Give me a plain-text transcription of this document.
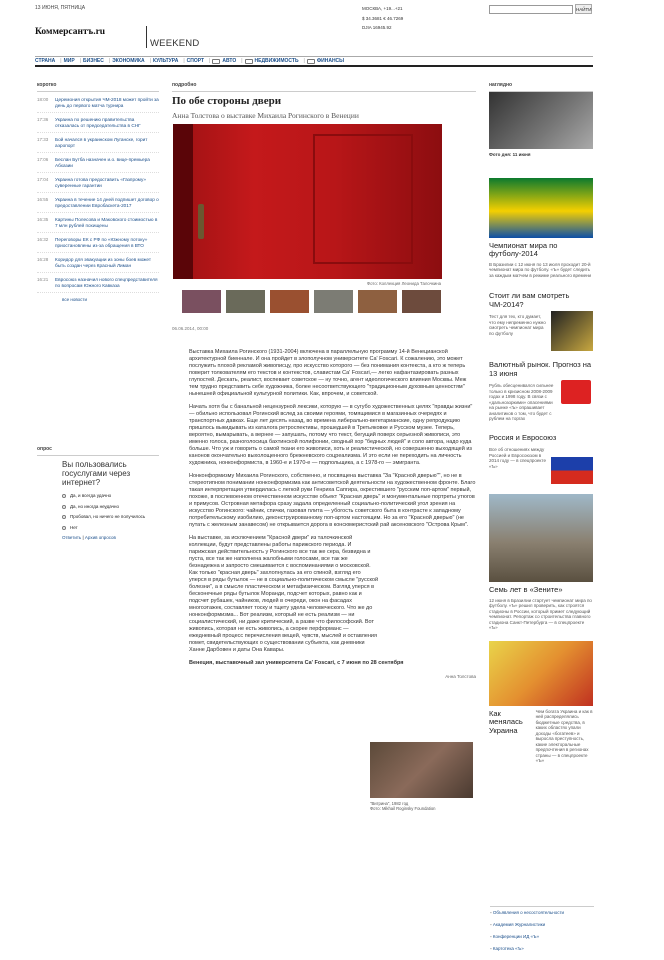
13 ИЮНЯ, ПЯТНИЦА
Коммерсантъ.ru
WEEKEND
МОСКВА, +19...+21
$ 34.3681 € 46.7269
DJIA 16945.92
НАЙТИ
СТРАНА	| МИР	| БИЗНЕС	| ЭКОНОМИКА	| КУЛЬТУРА	| СПОРТ	|	АВТО	|	НЕДВИЖИМОСТЬ	|	ФИНАНСЫ
коротко	подробно	наглядно
18:00	Церемония открытия ЧМ-2018 может пройти за день до первого матча турнира
17:36	Украина по решению правительства отказалась от председательства в СНГ
17:33	Бой начался в украинском Луганске, горит аэропорт
17:06	Беслан Бутба назначен и.о. вице-премьера Абхазии
17:04	Украина готова предоставить «Газпрому» суверенные гарантии
16:55	Украина в течение 14 дней подпишет договор о предоставлении Евробаскета-2017
16:35	Картины Полесова и Маковского стоимостью в 7 млн рублей похищены
16:32	Переговоры ЕК с РФ по «Южному потоку» приостановлены из-за обращения в ВТО
16:28	Коридор для эвакуации из зоны боев может быть создан через Красный Лиман
16:21	Евросоюз назначил нового спецпредставителя по вопросам Южного Кавказа
все новости
опрос
Вы пользовались госуслугами через интернет?
Да, и всегда удачно
Да, но иногда неудачно
Пробовал, но ничего не получилось
Нет
Ответить | Архив опросов
По обе стороны двери
Анна Толстова о выставке Михаила Рогинского в Венеции
Фото: Коллекция Леонида Талочкина
06.06.2014, 00:00

Выставка Михаила Рогинского (1931-2004) включена в параллельную программу 14-й Венецианской архитектурной биеннале. И она пройдет в злополучном университете Ca' Foscari. К сожалению, это может послужить плохой рекламой живописцу, про искусство которого — без понимания контекста, а кто ж теперь поверит толкователям его текстов и контекстов, славистам Ca' Foscari,— легко нафантазировать разных глупостей. Дескать, реалист, воспевает советское — ну точно, агент идеологического влияния Москвы. Меж тем трудно представить себе художника, более несоответствующего "традиционным духовным ценностям" нынешней официальной культурной политики. Как, впрочем, и советской.

Начать хотя бы с банальной нецензурной лексики, которую — в сугубо художественных целях "правды жизни" — обильно использовал Рогинский вслед за своими героями, томящимися в магазинных очередях и транспортных давках. Еще лет десять назад, во времена либерально-вегетарианские, одну репродукцию пришлось выкидывать из каталога ретроспективы, прошедшей в Третьяковке и Русском музее. Теперь, вероятно, вымарывать, а вернее — запушать, потому что текст, бегущий поверх серьезной живописи, это именно голоса, разноголосица бахтинской полифонии, сводный хор "бедных людей" и соло автора, надо куда больше. Что уж и говорить о самой ткани его живописи, хоть и реалистической, но совершенно выходящей из канонов окончательно выхолощенного брежневского соцреализма. И это если не переходить на личность художника, нонконформиста, в 1960-е и 1970-е — подпольщика, а с 1978-го — эмигранта.

Нонконформизму Михаила Рогинского, собственно, и посвящена выставка "За "Красной дверью"", но не в стереотипном понимании нонконформизма как антисоветской деятельности на художественном фронте. Благо такая интерпретация утвердилась с легкой руки Генриха Сапгира, окрестившего "русским поп-артом" первый, похоже, в послевоенном отечественном искусстве объект "Красная дверь" и монументальные портреты утюгов и примусов. Островная метафора сразу задала определенный социально-политический угол зрения на искусство Рогинского: чайник, спички, газовая плита — убогость советского быта в контрасте к западному потребительскому изобилию, деконструированному поп-артом настоящим. Но за его "Красной дверью" (не путать с железным занавесом) не открывается дорога в консюмеристский рай аксеновского "Острова Крым".

На выставке, за исключением "Красной двери" из талочкинской коллекции, будут представлены работы парижского периода. И парижская действительность у Рогинского все так же сера, безвидна и пуста, все так же наполнена жалобными голосами, все так же безнадежна и запросто смешивается с воспоминаниями о московской. Как только "красная дверь" захлопнулась за его спиной, взгляд его уперся в ряды бутылок — не в социально-политическом смысле "русской болезни", а в смысле пластическом и метафизическом. Взгляд уперся в бесконечные ряды бутылок Моранди, подсчет которых, равно как и подсчет рубашек, чайников, людей в очереди, окон на фасадах многоэтажек, составляет тоску и тщету удела человеческого. Что же до нонконформизма... Вот реализм, который не есть реализм — ни социалистический, ни даже критический, а разве что философский. Вот живопись, которая не есть живопись, а скорее перформанс — ежедневный процесс перечисления вещей, чувств, мыслей и оставления помет, свидетельствующих о существовании субъекта, как дневники Ханне Дарбовен и даты Она Кавары.

Венеция, выставочный зал университета Ca' Foscari, с 7 июня по 28 сентября

Анна Толстова

"Витрина", 1982 год
Фото: Mikhail Roginsky Foundation
Фото дня: 11 июня
Чемпионат мира по футболу-2014
В Бразилии с 12 июня по 13 июля проходит 20-й чемпионат мира по футболу. «Ъ» будет следить за каждым матчем в режиме реального времени
Стоит ли вам смотреть ЧМ-2014?
Тест для тех, кто думает, что ему непременно нужно смотреть чемпионат мира по футболу
Валютный рынок. Прогноз на 13 июня
Рубль обесценивался сильнее только в кризисном 2008-2009 годах и 1998 году. В связи с «дальнозоркими» опасениями на рынке «Ъ» опрашивает аналитиков о том, что будет с рублем на торгах
Россия и Евросоюз
Все об отношениях между Россией и Евросоюзом в 2014 году — в спецпроекте «Ъ»
Семь лет в «Зените»
12 июня в Бразилии стартует чемпионат мира по футболу. «Ъ» решил проверить, как строятся стадионы в России, который примет следующий чемпионат. Репортаж со строительства главного стадиона Санкт-Петербурга — в спецпроекте «Ъ»
Как менялась Украина
Чем богата Украина и как в ней распределялись бюджетные средства, в каких областях упали доходы «богатеев» и выросла преступность, какие электоральные предпочтения в регионах страны — в спецпроекте «Ъ»
▪ Объявления о несостоятельности
▪ Академия Журналистики
▪ Конференции ИД «Ъ»
▪ Картотека «Ъ»
